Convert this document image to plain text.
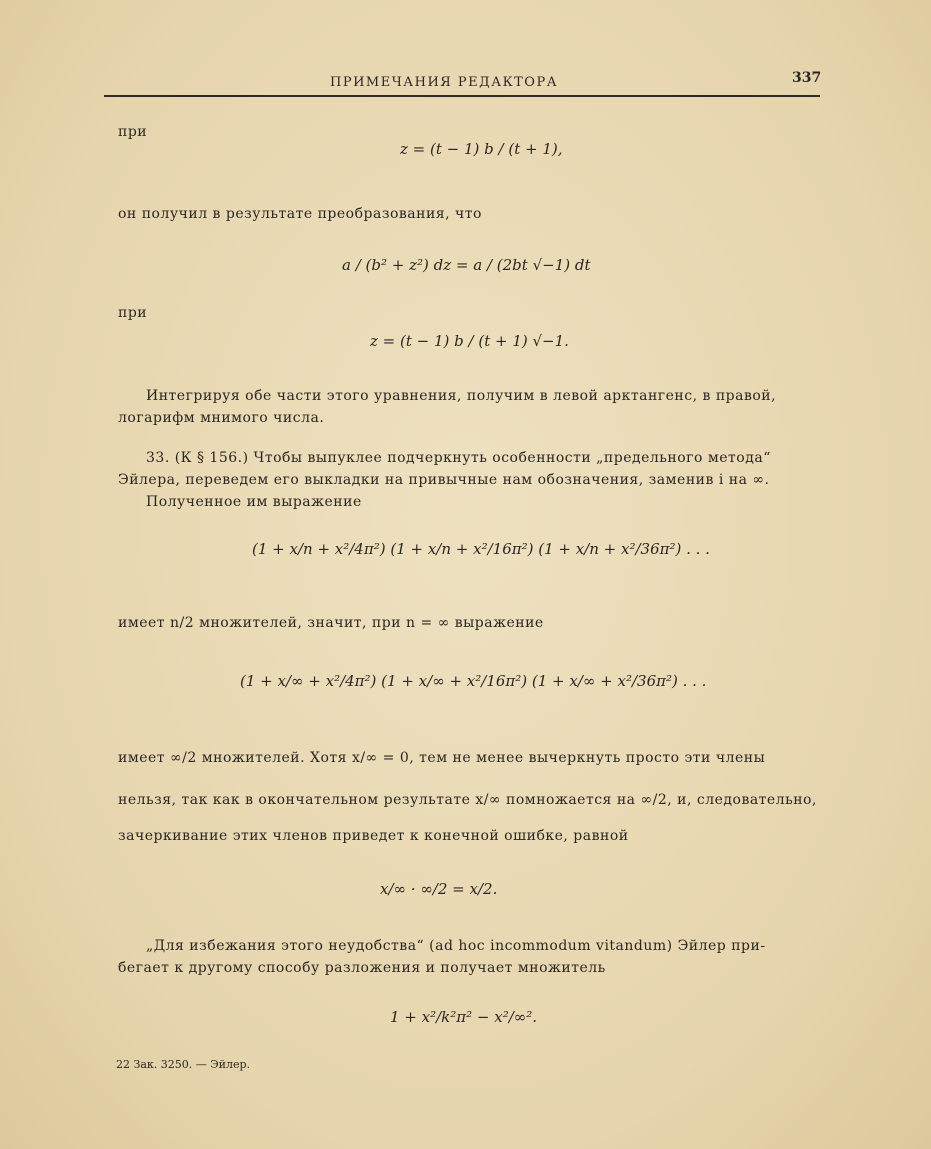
ПРИМЕЧАНИЯ РЕДАКТОРА	337
при
z = (t − 1) b / (t + 1),
он получил в результате преобразования, что
a / (b² + z²) dz = a / (2bt √−1) dt
при
z = (t − 1) b / (t + 1) √−1.
Интегрируя обе части этого уравнения, получим в левой арктангенс, в правой,
логарифм мнимого числа.
33. (К § 156.) Чтобы выпуклее подчеркнуть особенности „предельного метода“
Эйлера, переведем его выкладки на привычные нам обозначения, заменив i на ∞.
Полученное им выражение
(1 + x/n + x²/4π²) (1 + x/n + x²/16π²) (1 + x/n + x²/36π²) . . .
имеет n/2 множителей, значит, при n = ∞ выражение
(1 + x/∞ + x²/4π²) (1 + x/∞ + x²/16π²) (1 + x/∞ + x²/36π²) . . .
имеет ∞/2 множителей. Хотя x/∞ = 0, тем не менее вычеркнуть просто эти члены
нельзя, так как в окончательном результате x/∞ помножается на ∞/2, и, следовательно,
зачеркивание этих членов приведет к конечной ошибке, равной
x/∞ · ∞/2 = x/2.
„Для избежания этого неудобства“ (ad hoc incommodum vitandum) Эйлер при-
бегает к другому способу разложения и получает множитель
1 + x²/k²π² − x²/∞².
22 Зак. 3250. — Эйлер.
